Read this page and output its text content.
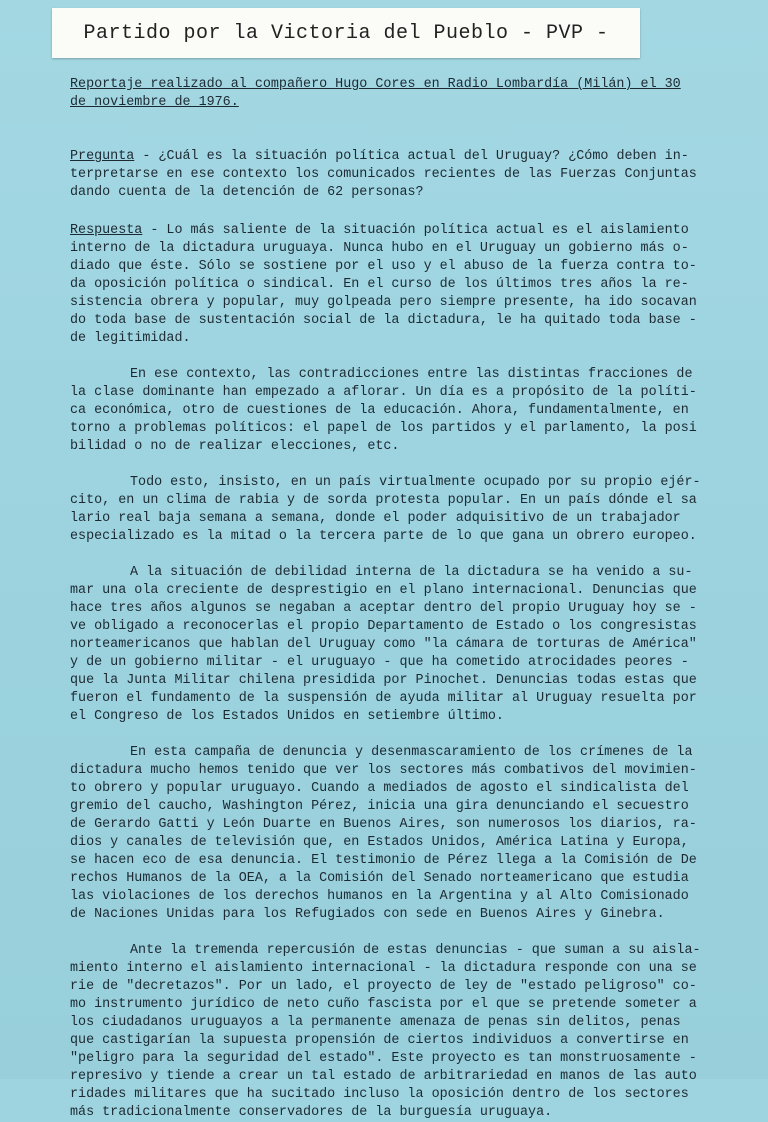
Partido por la Victoria del Pueblo - PVP -
Reportaje realizado al compañero Hugo Cores en Radio Lombardía (Milán) el 30
de noviembre de 1976.
Pregunta - ¿Cuál es la situación política actual del Uruguay? ¿Cómo deben in-
terpretarse en ese contexto los comunicados recientes de las Fuerzas Conjuntas
dando cuenta de la detención de 62 personas?
Respuesta - Lo más saliente de la situación política actual es el aislamiento
interno de la dictadura uruguaya. Nunca hubo en el Uruguay un gobierno más o-
diado que éste. Sólo se sostiene por el uso y el abuso de la fuerza contra to-
da oposición política o sindical. En el curso de los últimos tres años la re-
sistencia obrera y popular, muy golpeada pero siempre presente, ha ido socavan
do toda base de sustentación social de la dictadura, le ha quitado toda base -
de legitimidad.
En ese contexto, las contradicciones entre las distintas fracciones de
la clase dominante han empezado a aflorar. Un día es a propósito de la políti-
ca económica, otro de cuestiones de la educación. Ahora, fundamentalmente, en
torno a problemas políticos: el papel de los partidos y el parlamento, la posi
bilidad o no de realizar elecciones, etc.
Todo esto, insisto, en un país virtualmente ocupado por su propio ejér-
cito, en un clima de rabia y de sorda protesta popular. En un país dónde el sa
lario real baja semana a semana, donde el poder adquisitivo de un trabajador
especializado es la mitad o la tercera parte de lo que gana un obrero europeo.
A la situación de debilidad interna de la dictadura se ha venido a su-
mar una ola creciente de desprestigio en el plano internacional. Denuncias que
hace tres años algunos se negaban a aceptar dentro del propio Uruguay hoy se -
ve obligado a reconocerlas el propio Departamento de Estado o los congresistas
norteamericanos que hablan del Uruguay como "la cámara de torturas de América"
y de un gobierno militar - el uruguayo - que ha cometido atrocidades peores -
que la Junta Militar chilena presidida por Pinochet. Denuncias todas estas que
fueron el fundamento de la suspensión de ayuda militar al Uruguay resuelta por
el Congreso de los Estados Unidos en setiembre último.
En esta campaña de denuncia y desenmascaramiento de los crímenes de la
dictadura mucho hemos tenido que ver los sectores más combativos del movimien-
to obrero y popular uruguayo. Cuando a mediados de agosto el sindicalista del
gremio del caucho, Washington Pérez, inicia una gira denunciando el secuestro
de Gerardo Gatti y León Duarte en Buenos Aires, son numerosos los diarios, ra-
dios y canales de televisión que, en Estados Unidos, América Latina y Europa,
se hacen eco de esa denuncia. El testimonio de Pérez llega a la Comisión de De
rechos Humanos de la OEA, a la Comisión del Senado norteamericano que estudia
las violaciones de los derechos humanos en la Argentina y al Alto Comisionado
de Naciones Unidas para los Refugiados con sede en Buenos Aires y Ginebra.
Ante la tremenda repercusión de estas denuncias - que suman a su aisla-
miento interno el aislamiento internacional - la dictadura responde con una se
rie de "decretazos". Por un lado, el proyecto de ley de "estado peligroso" co-
mo instrumento jurídico de neto cuño fascista por el que se pretende someter a
los ciudadanos uruguayos a la permanente amenaza de penas sin delitos, penas
que castigarían la supuesta propensión de ciertos individuos a convertirse en
"peligro para la seguridad del estado". Este proyecto es tan monstruosamente -
represivo y tiende a crear un tal estado de arbitrariedad en manos de las auto
ridades militares que ha sucitado incluso la oposición dentro de los sectores
más tradicionalmente conservadores de la burguesía uruguaya.
